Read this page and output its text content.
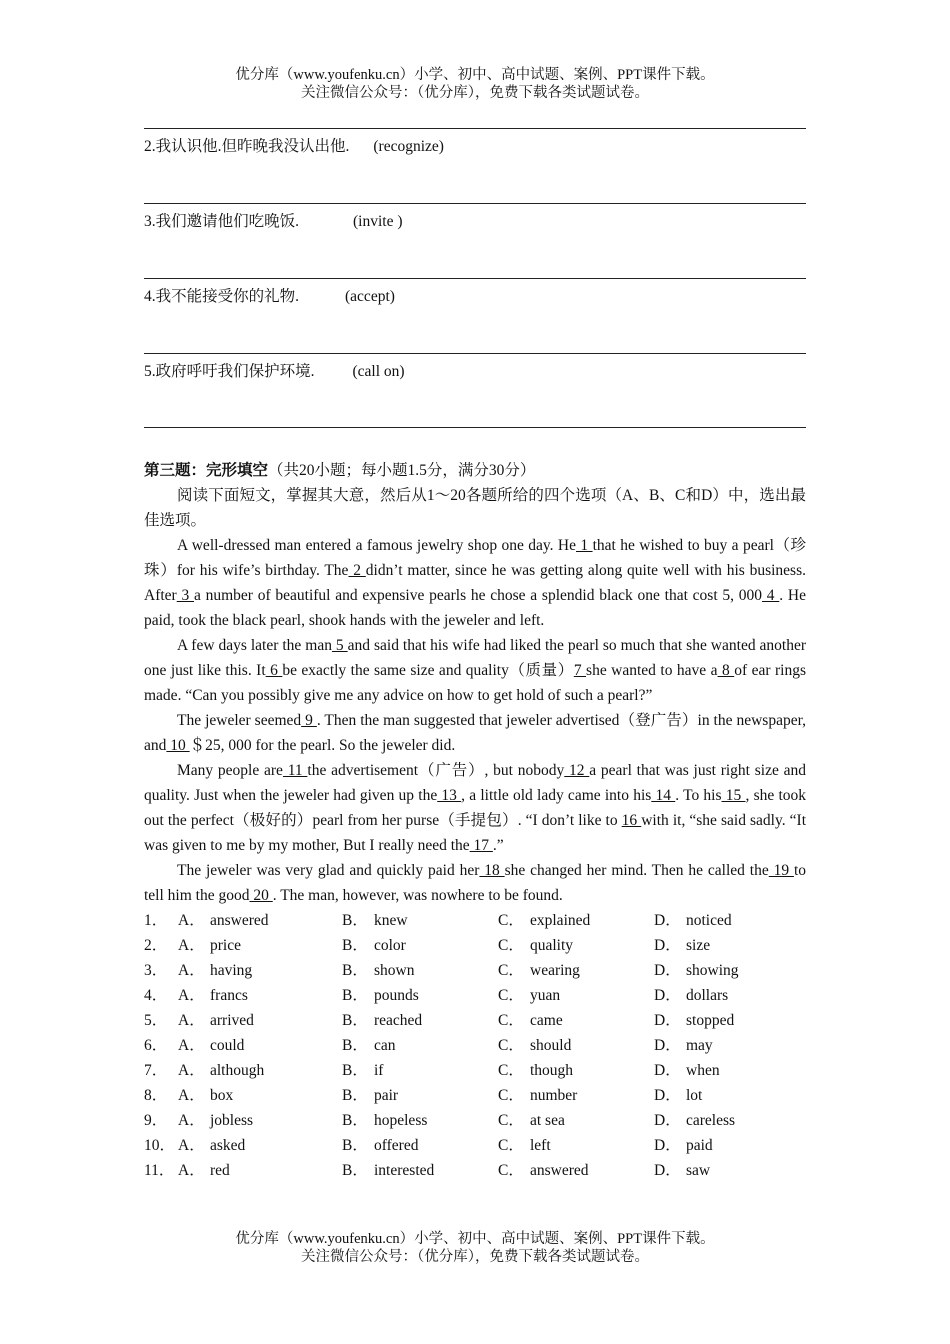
优分库（www.youfenku.cn）小学、初中、高中试题、案例、PPT课件下载。
关注微信公众号：（优分库），免费下载各类试题试卷。
2.我认识他.但昨晚我没认出他. (recognize)
3.我们邀请他们吃晚饭.	(invite )
4.我不能接受你的礼物.	(accept)
5.政府呼吁我们保护环境. (call on)
第三题：完形填空（共20小题；每小题1.5分，满分30分）

阅读下面短文，掌握其大意，然后从1～20各题所给的四个选项（A、B、C和D）中，选出最佳选项。

A well-dressed man entered a famous jewelry shop one day. He 1 that he wished to buy a pearl（珍珠）for his wife’s birthday. The 2 didn’t matter, since he was getting along quite well with his business. After 3 a number of beautiful and expensive pearls he chose a splendid black one that cost 5, 000 4 . He paid, took the black pearl, shook hands with the jeweler and left.

A few days later the man 5 and said that his wife had liked the pearl so much that she wanted another one just like this. It 6 be exactly the same size and quality（质量）7 she wanted to have a 8 of ear rings made. “Can you possibly give me any advice on how to get hold of such a pearl?”

The jeweler seemed 9 . Then the man suggested that jeweler advertised（登广告）in the newspaper, and 10 ＄25, 000 for the pearl. So the jeweler did.

Many people are 11 the advertisement（广告）, but nobody 12 a pearl that was just right size and quality. Just when the jeweler had given up the 13 , a little old lady came into his 14 . To his 15 , she took out the perfect（极好的）pearl from her purse（手提包）. “I don’t like to 16 with it, “she said sadly. “It was given to me by my mother, But I really need the 17 .”

The jeweler was very glad and quickly paid her 18 she changed her mind. Then he called the 19 to tell him the good 20 . The man, however, was nowhere to be found.

1．	A．	answered	B．	knew	C．	explained	D．	noticed
2．	A．	price	B．	color	C．	quality	D．	size
3．	A．	having	B．	shown	C．	wearing	D．	showing
4．	A．	francs	B．	pounds	C．	yuan	D．	dollars
5．	A．	arrived	B．	reached	C．	came	D．	stopped
6．	A．	could	B．	can	C．	should	D．	may
7．	A．	although	B．	if	C．	though	D．	when
8．	A．	box	B．	pair	C．	number	D．	lot
9．	A．	jobless	B．	hopeless	C．	at sea	D．	careless
10．	A．	asked	B．	offered	C．	left	D．	paid
11．	A．	red	B．	interested	C．	answered	D．	saw
优分库（www.youfenku.cn）小学、初中、高中试题、案例、PPT课件下载。
关注微信公众号：（优分库），免费下载各类试题试卷。
